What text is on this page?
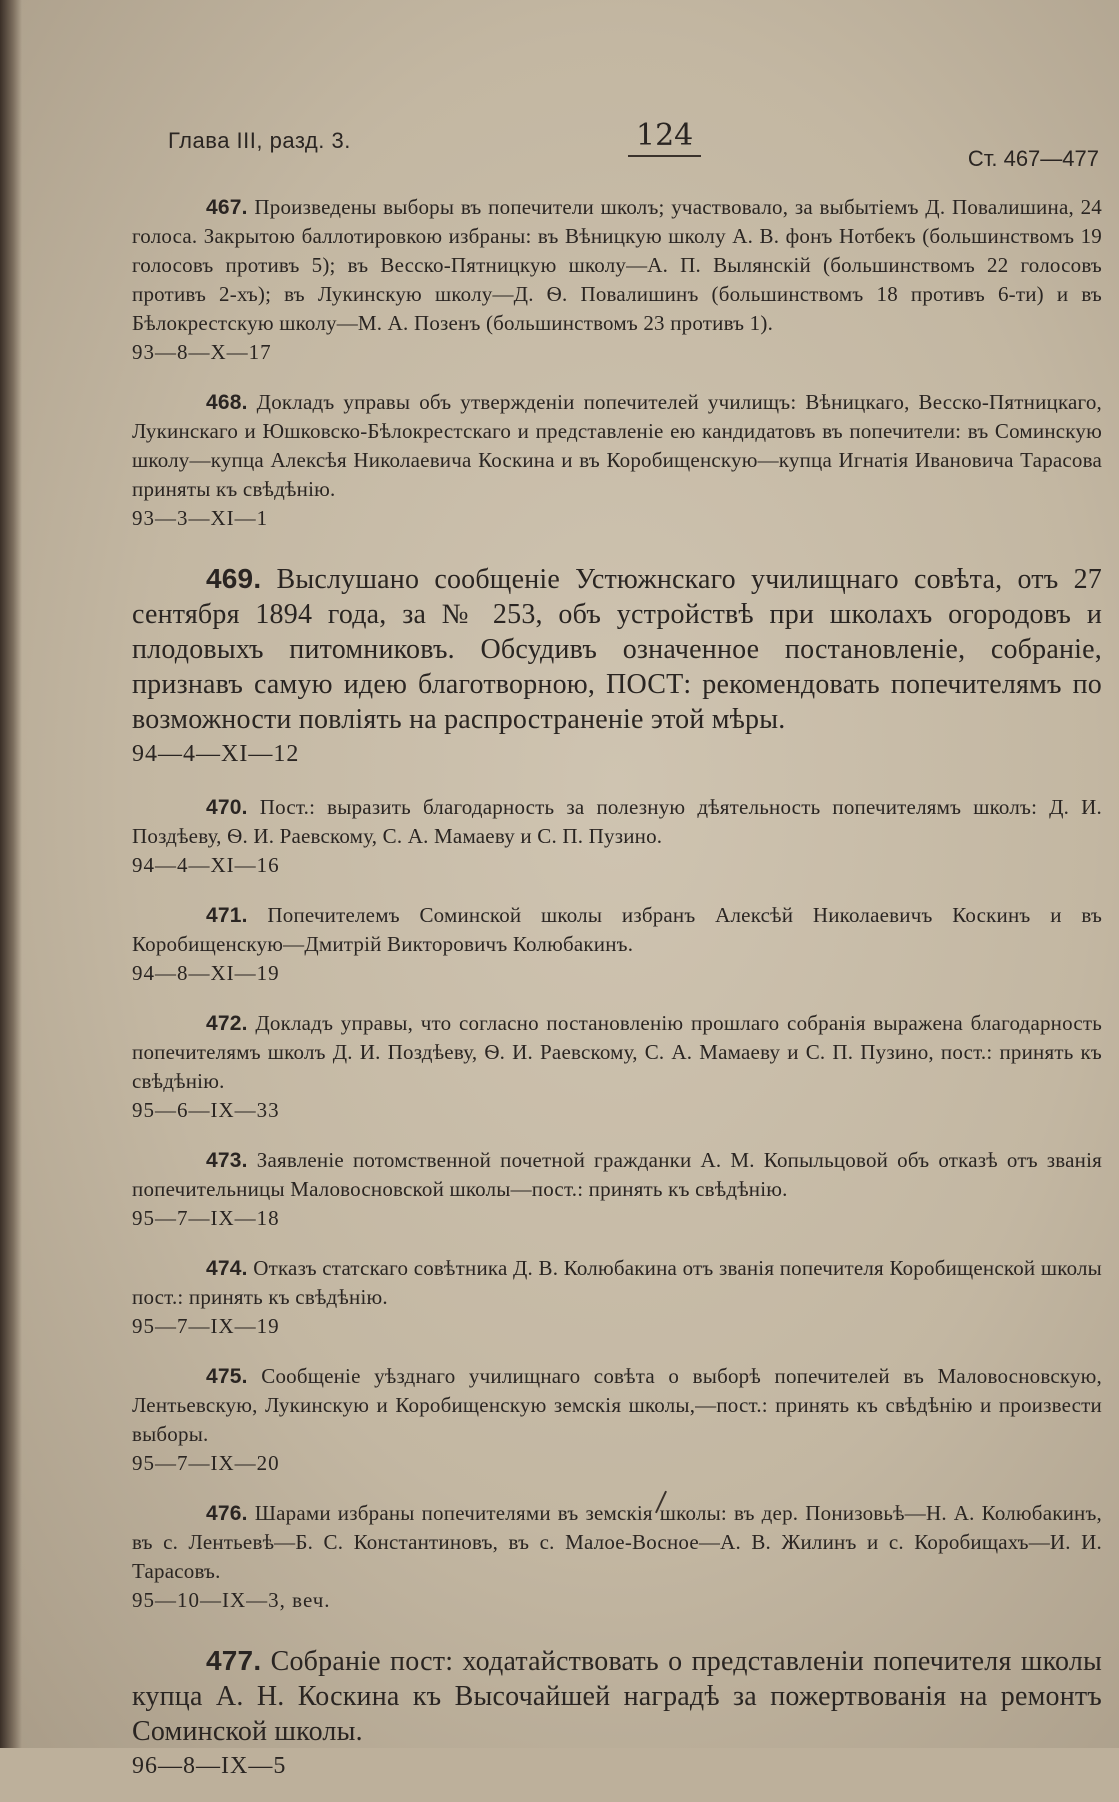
Глава III, разд. 3.	124
Ст. 467—477

467. Произведены выборы въ попечители школъ; участвовало, за выбытіемъ Д. Повалишина, 24 голоса. Закрытою баллотировкою избраны: въ Вѣницкую школу А. В. фонъ Нотбекъ (большинствомъ 19 голосовъ противъ 5); въ Весско-Пятницкую школу—А. П. Вылянскій (большинствомъ 22 голосовъ противъ 2-хъ); въ Лукинскую школу—Д. Ѳ. Повалишинъ (большинствомъ 18 противъ 6-ти) и въ Бѣлокрестскую школу—М. А. Позенъ (большинствомъ 23 противъ 1).
93—8—X—17

468. Докладъ управы объ утвержденіи попечителей училищъ: Вѣницкаго, Весско-Пятницкаго, Лукинскаго и Юшковско-Бѣлокрестскаго и представленіе ею кандидатовъ въ попечители: въ Соминскую школу—купца Алексѣя Николаевича Коскина и въ Коробищенскую—купца Игнатія Ивановича Тарасова приняты къ свѣдѣнію.
93—3—XI—1

469. Выслушано сообщеніе Устюжнскаго училищнаго совѣта, отъ 27 сентября 1894 года, за № 253, объ устройствѣ при школахъ огородовъ и плодовыхъ питомниковъ. Обсудивъ означенное постановленіе, собраніе, признавъ самую идею благотворною, ПОСТ: рекомендовать попечителямъ по возможности повліять на распространеніе этой мѣры.
94—4—XI—12

470. Пост.: выразить благодарность за полезную дѣятельность попечителямъ школъ: Д. И. Поздѣеву, Ѳ. И. Раевскому, С. А. Мамаеву и С. П. Пузино.
94—4—XI—16

471. Попечителемъ Соминской школы избранъ Алексѣй Николаевичъ Коскинъ и въ Коробищенскую—Дмитрій Викторовичъ Колюбакинъ.
94—8—XI—19

472. Докладъ управы, что согласно постановленію прошлаго собранія выражена благодарность попечителямъ школъ Д. И. Поздѣеву, Ѳ. И. Раевскому, С. А. Мамаеву и С. П. Пузино, пост.: принять къ свѣдѣнію.
95—6—IX—33

473. Заявленіе потомственной почетной гражданки А. М. Копыльцовой объ отказѣ отъ званія попечительницы Маловосновской школы—пост.: принять къ свѣдѣнію.
95—7—IX—18

474. Отказъ статскаго совѣтника Д. В. Колюбакина отъ званія попечителя Коробищенской школы пост.: принять къ свѣдѣнію.
95—7—IX—19

475. Сообщеніе уѣзднаго училищнаго совѣта о выборѣ попечителей въ Маловосновскую, Лентьевскую, Лукинскую и Коробищенскую земскія школы,—пост.: принять къ свѣдѣнію и произвести выборы.
95—7—IX—20

476. Шарами избраны попечителями въ земскія школы: въ дер. Понизовьѣ—Н. А. Колюбакинъ, въ с. Лентьевѣ—Б. С. Константиновъ, въ с. Малое-Восное—А. В. Жилинъ и с. Коробищахъ—И. И. Тарасовъ.
95—10—IX—3, веч.

477. Собраніе пост: ходатайствовать о представленіи попечителя школы купца А. Н. Коскина къ Высочайшей наградѣ за пожертвованія на ремонтъ Соминской школы.
96—8—IX—5
